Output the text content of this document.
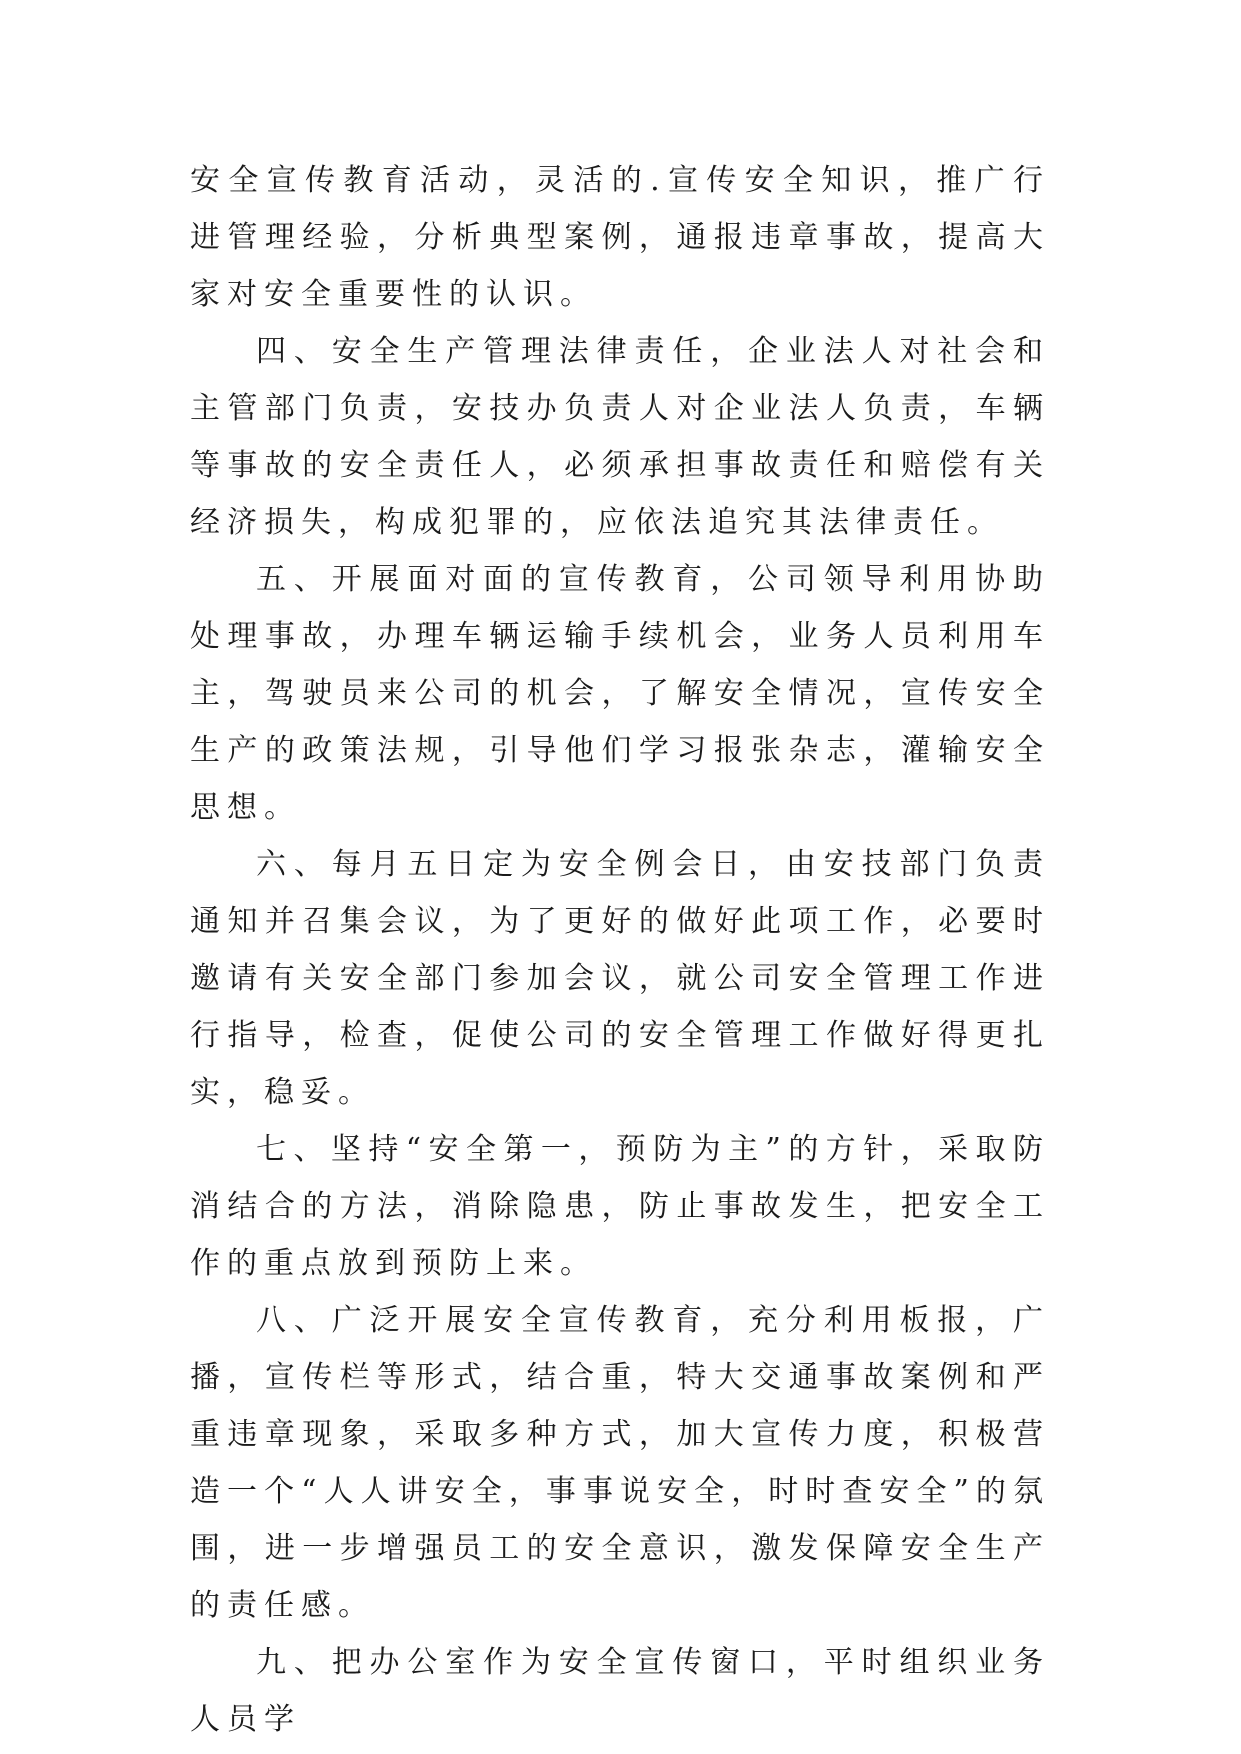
安全宣传教育活动，灵活的.宣传安全知识，推广行进管理经验，分析典型案例，通报违章事故，提高大家对安全重要性的认识。

四、安全生产管理法律责任，企业法人对社会和主管部门负责，安技办负责人对企业法人负责，车辆等事故的安全责任人，必须承担事故责任和赔偿有关经济损失，构成犯罪的，应依法追究其法律责任。

五、开展面对面的宣传教育，公司领导利用协助处理事故，办理车辆运输手续机会，业务人员利用车主，驾驶员来公司的机会，了解安全情况，宣传安全生产的政策法规，引导他们学习报张杂志，灌输安全思想。

六、每月五日定为安全例会日，由安技部门负责通知并召集会议，为了更好的做好此项工作，必要时邀请有关安全部门参加会议，就公司安全管理工作进行指导，检查，促使公司的安全管理工作做好得更扎实，稳妥。

七、坚持“安全第一，预防为主”的方针，采取防消结合的方法，消除隐患，防止事故发生，把安全工作的重点放到预防上来。

八、广泛开展安全宣传教育，充分利用板报，广播，宣传栏等形式，结合重，特大交通事故案例和严重违章现象，采取多种方式，加大宣传力度，积极营造一个“人人讲安全，事事说安全，时时查安全”的氛围，进一步增强员工的安全意识，激发保障安全生产的责任感。

九、把办公室作为安全宣传窗口，平时组织业务人员学
